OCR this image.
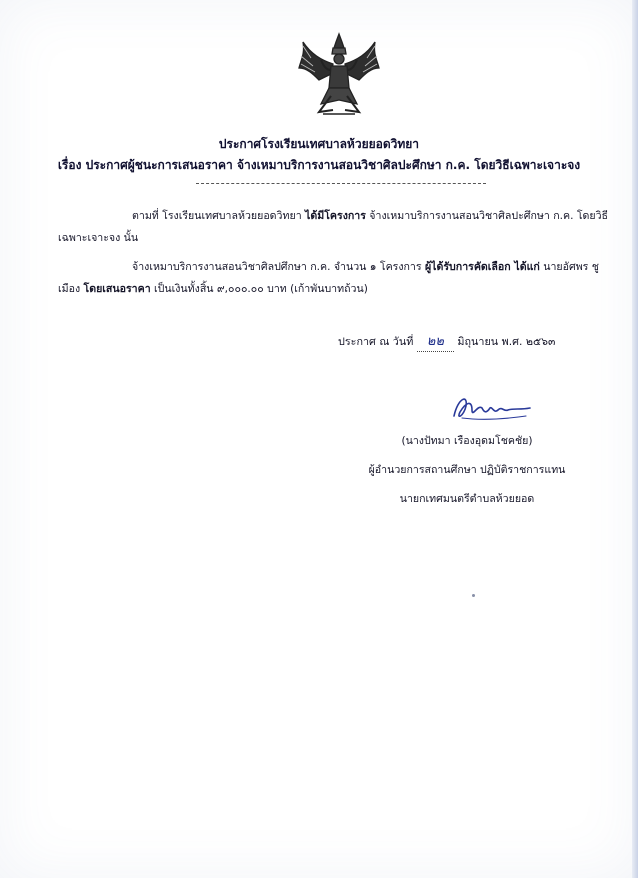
ประกาศโรงเรียนเทศบาลห้วยยอดวิทยา
เรื่อง ประกาศผู้ชนะการเสนอราคา จ้างเหมาบริการงานสอนวิชาศิลปะศึกษา ก.ค. โดยวิธีเฉพาะเจาะจง
ตามที่ โรงเรียนเทศบาลห้วยยอดวิทยา ได้มีโครงการ จ้างเหมาบริการงานสอนวิชาศิลปะศึกษา ก.ค. โดยวิธีเฉพาะเจาะจง นั้น
จ้างเหมาบริการงานสอนวิชาศิลปศึกษา ก.ค. จำนวน ๑ โครงการ ผู้ได้รับการคัดเลือก ได้แก่ นายอัศพร ชูเมือง โดยเสนอราคา เป็นเงินทั้งสิ้น ๙,๐๐๐.๐๐ บาท (เก้าพันบาทถ้วน)
ประกาศ ณ วันที่ ๒๒ มิถุนายน พ.ศ. ๒๕๖๓
(นางปัทมา เรืองอุดมโชคชัย)
ผู้อำนวยการสถานศึกษา ปฏิบัติราชการแทน
นายกเทศมนตรีตำบลห้วยยอด
